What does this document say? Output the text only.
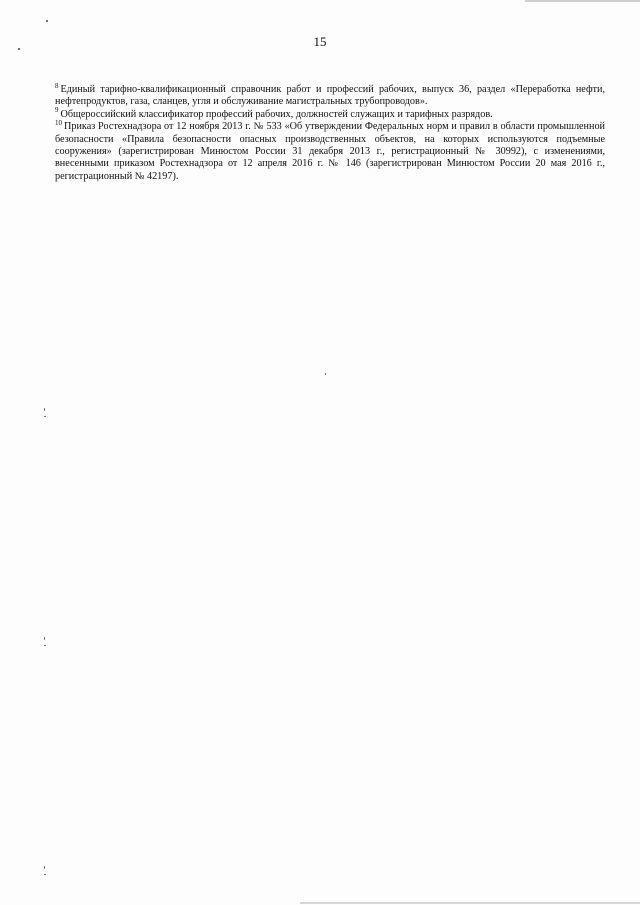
15

$^8$ Единый тарифно-квалификационный справочник работ и профессий рабочих, выпуск 36, раздел «Переработка нефти, нефтепродуктов, газа, сланцев, угля и обслуживание магистральных трубопроводов».

$^9$ Общероссийский классификатор профессий рабочих, должностей служащих и тарифных разрядов.

$^{10}$ Приказ Ростехнадзора от 12 ноября 2013 г. № 533 «Об утверждении Федеральных норм и правил в области промышленной безопасности «Правила безопасности опасных производственных объектов, на которых используются подъемные сооружения» (зарегистрирован Минюстом России 31 декабря 2013 г., регистрационный № 30992), с изменениями, внесенными приказом Ростехнадзора от 12 апреля 2016 г. № 146 (зарегистрирован Минюстом России 20 мая 2016 г., регистрационный № 42197).
